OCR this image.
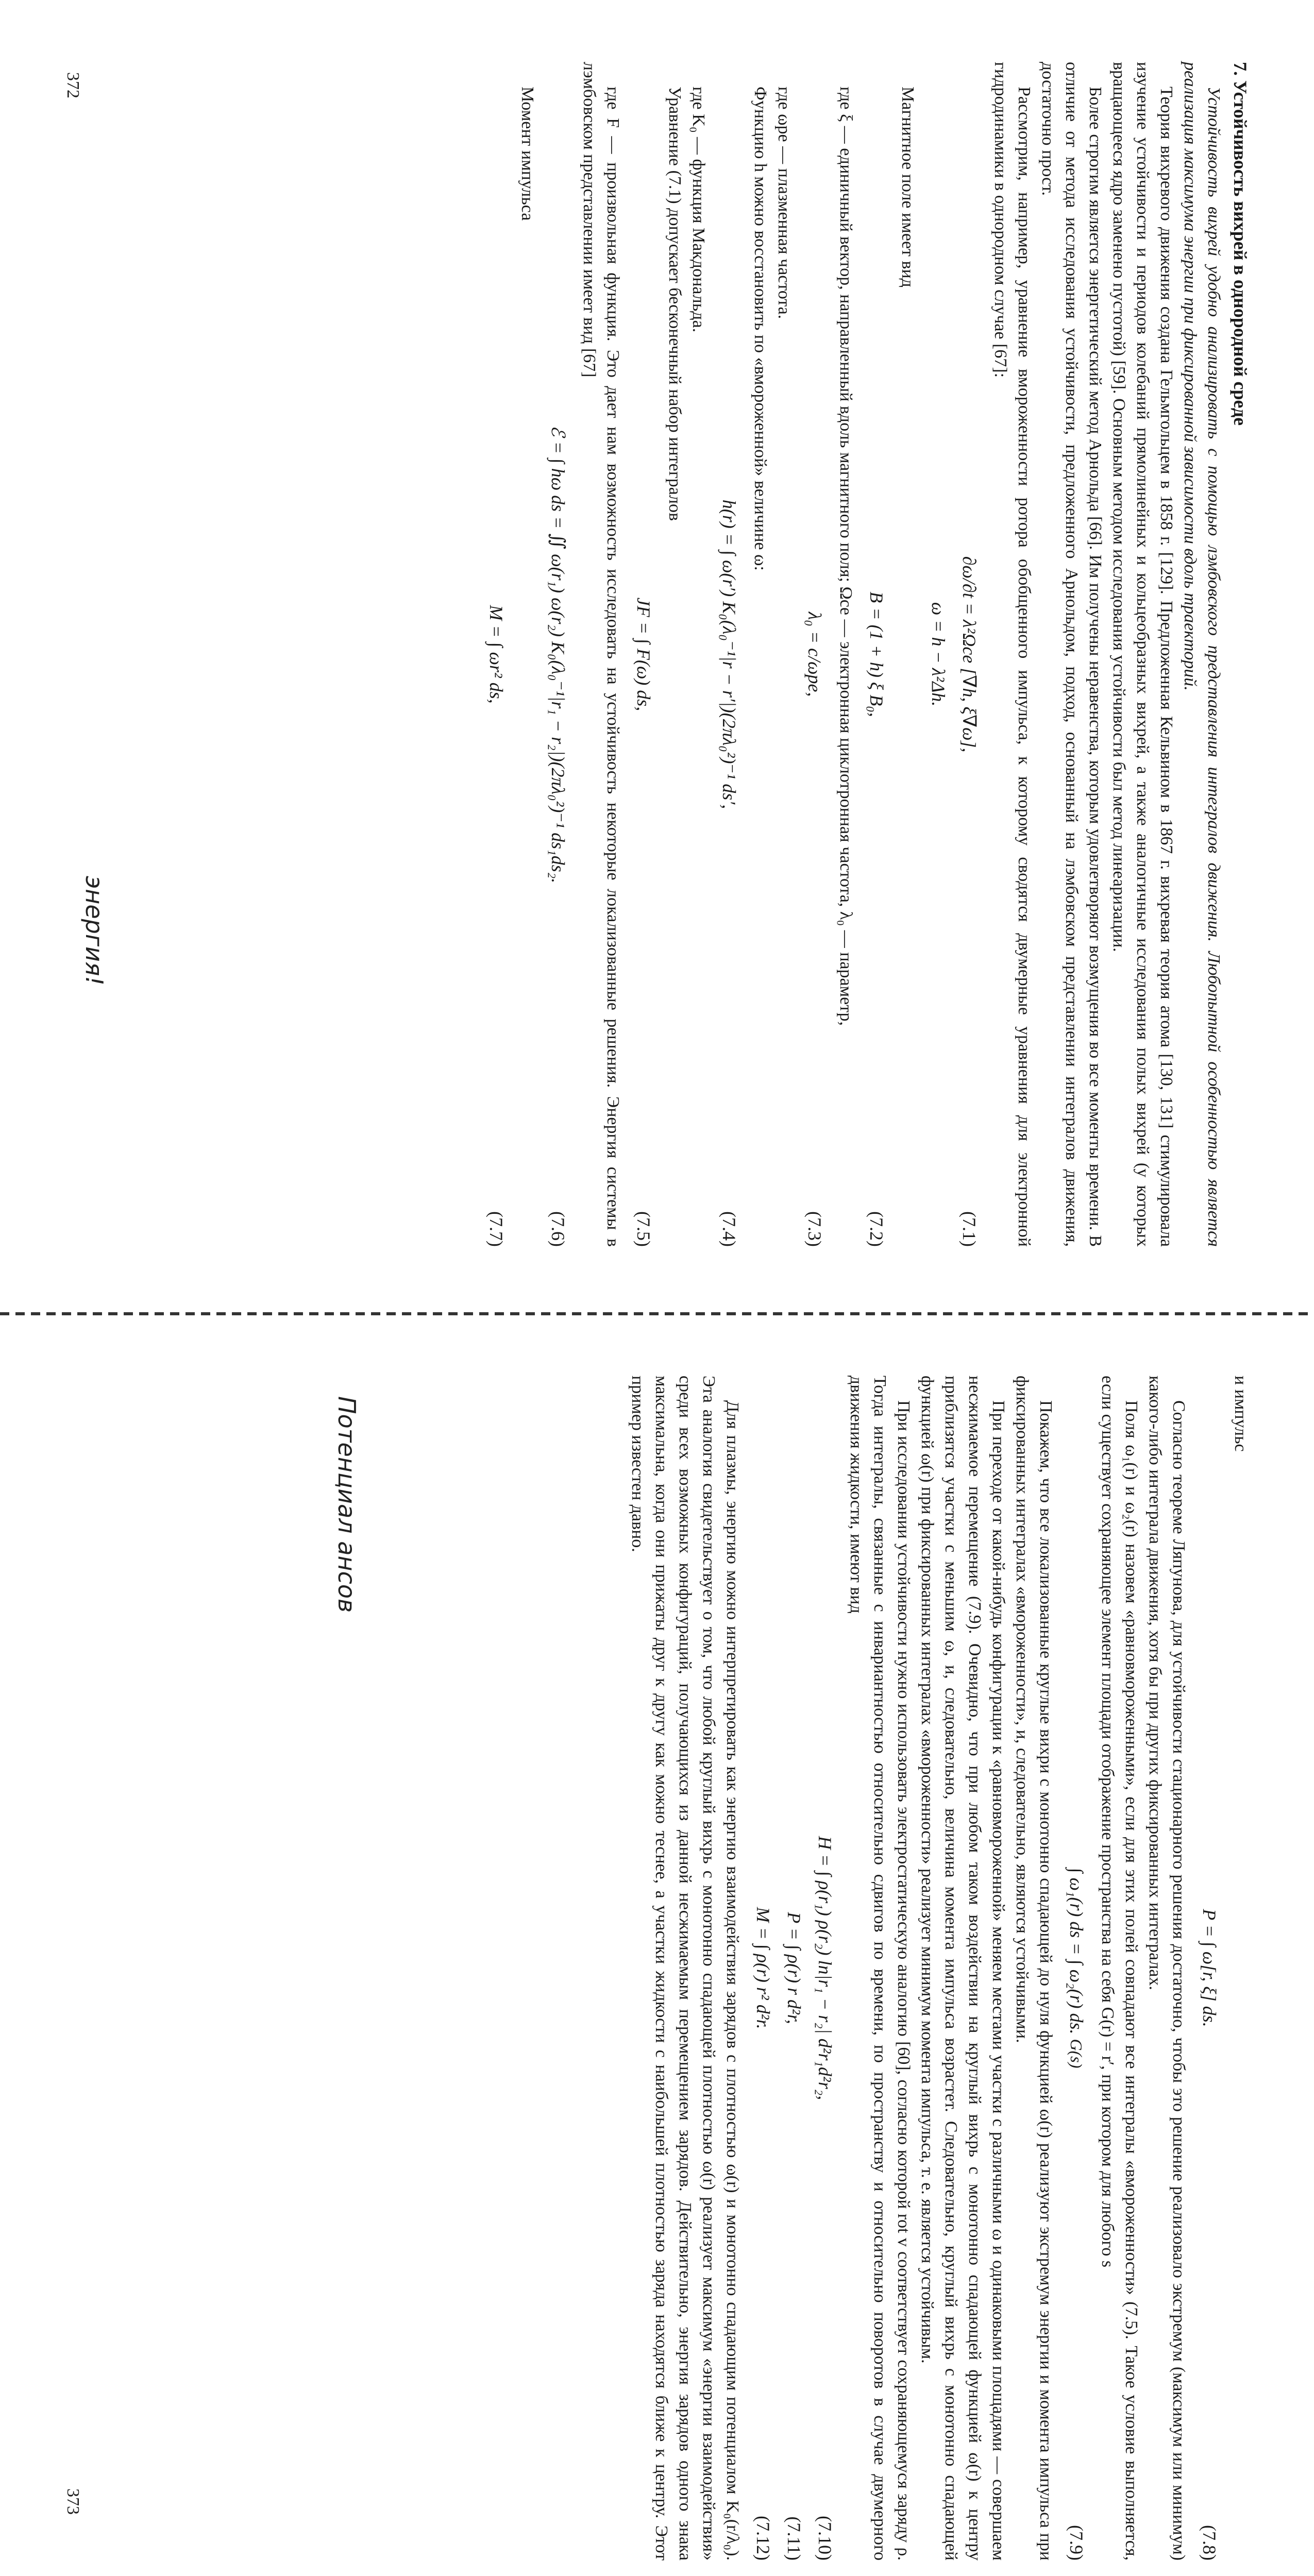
7. Устойчивость вихрей в однородной среде

Устойчивость вихрей удобно анализировать с помощью лэмбовского представления интегралов движения. Любопытной особенностью является реализация максимума энергии при фиксированной зависимости вдоль траекторий.

Теория вихревого движения создана Гельмгольцем в 1858 г. [129]. Предложенная Кельвином в 1867 г. вихревая теория атома [130, 131] стимулировала изучение устойчивости и периодов колебаний прямолинейных и кольцеобразных вихрей, а также аналогичные исследования полых вихрей (у которых вращающееся ядро заменено пустотой) [59]. Основным методом исследования устойчивости был метод линеаризации.

Более строгим является энергетический метод Арнольда [66]. Им получены неравенства, которым удовлетворяют возмущения во все моменты времени. В отличие от метода исследования устойчивости, предложенного Арнольдом, подход, основанный на лэмбовском представлении интегралов движения, достаточно прост.

Рассмотрим, например, уравнение вмороженности ротора обобщенного импульса, к которому сводятся двумерные уравнения для электронной гидродинамики в однородном случае [67]:

∂ω/∂t = λ²Ωce [∇h, ξ∇ω],
(7.1)
ω = h − λ²Δh.

Магнитное поле имеет вид

B = (1 + h) ξ B₀,
(7.2)

где ξ — единичный вектор, направленный вдоль магнитного поля; Ωce — электронная циклотронная частота, λ₀ — параметр,

λ₀ = c/ωpe,
(7.3)

где ωpe — плазменная частота.

Функцию h можно восстановить по «вмороженной» величине ω:

h(r) = ∫ ω(r′) K₀(λ₀⁻¹|r − r′|)(2πλ₀²)⁻¹ ds′,
(7.4)

где K₀ — функция Макдональда.

Уравнение (7.1) допускает бесконечный набор интегралов

JF = ∫ F(ω) ds,
(7.5)

где F — произвольная функция. Это дает нам возможность исследовать на устойчивость некоторые локализованные решения. Энергия системы в лэмбовском представлении имеет вид [67]

ℰ = ∫ hω ds = ∬ ω(r₁) ω(r₂) K₀(λ₀⁻¹|r₁ − r₂|)(2πλ₀²)⁻¹ ds₁ds₂.
(7.6)

Момент импульса

M = ∫ ωr² ds,
(7.7)
энергия!
372

и импульс

P = ∫ ω[r, ξ] ds.
(7.8)

Согласно теореме Ляпунова, для устойчивости стационарного решения достаточно, чтобы это решение реализовало экстремум (максимум или минимум) какого-либо интеграла движения, хотя бы при других фиксированных интегралах.

Поля ω₁(r) и ω₂(r) назовем «равновмороженными», если для этих полей совпадают все интегралы «вмороженности» (7.5). Такое условие выполняется, если существует сохраняющее элемент площади отображение пространства на себя G(r) = r′, при котором для любого s

∫ ω₁(r) ds = ∫ ω₂(r) ds.

G(s)
(7.9)

Покажем, что все локализованные круглые вихри с монотонно спадающей до нуля функцией ω(r) реализуют экстремум энергии и момента импульса при фиксированных интегралах «вмороженности», и, следовательно, являются устойчивыми.

При переходе от какой-нибудь конфигурации к «равновмороженной» меняем местами участки с различными ω и одинаковыми площадями — совершаем несжимаемое перемещение (7.9). Очевидно, что при любом таком воздействии на круглый вихрь с монотонно спадающей функцией ω(r) к центру приблизятся участки с меньшим ω, и, следовательно, величина момента импульса возрастет. Следовательно, круглый вихрь с монотонно спадающей функцией ω(r) при фиксированных интегралах «вмороженности» реализует минимум момента импульса, т. е. является устойчивым.

При исследовании устойчивости нужно использовать электростатическую аналогию [60], согласно которой rot v соответствует сохраняющемуся заряду ρ. Тогда интегралы, связанные с инвариантностью относительно сдвигов по времени, по пространству и относительно поворотов в случае двумерного движения жидкости, имеют вид

H = ∫ ρ(r₁) ρ(r₂) ln|r₁ − r₂| d²r₁d²r₂,
(7.10)
P = ∫ ρ(r) r d²r,
(7.11)
M = ∫ ρ(r) r² d²r.
(7.12)

Для плазмы, энергию можно интерпретировать как энергию взаимодействия зарядов с плотностью ω(r) и монотонно спадающим потенциалом K₀(r/λ₀). Эта аналогия свидетельствует о том, что любой круглый вихрь с монотонно спадающей плотностью ω(r) реализует максимум «энергии взаимодействия» среди всех возможных конфигураций, получающихся из данной несжимаемым перемещением зарядов. Действительно, энергия зарядов одного знака максимальна, когда они прижаты друг к другу как можно теснее, а участки жидкости с наибольшей плотностью заряда находятся ближе к центру. Этот пример известен давно.

Потенциал ансов
373
